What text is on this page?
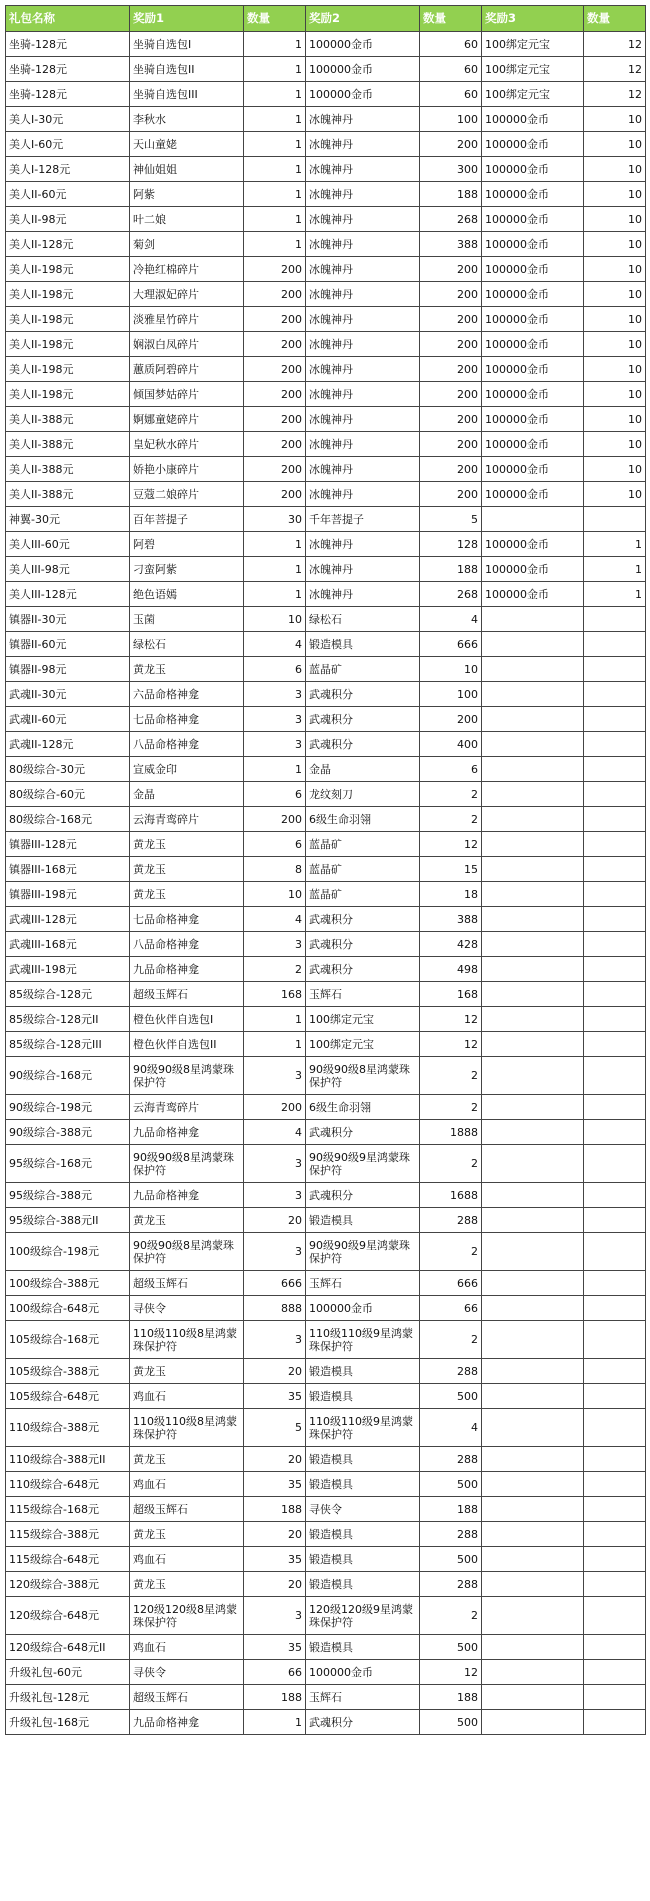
礼包名称	奖励1	数量	奖励2	数量	奖励3	数量
坐骑-128元	坐骑自选包I	1	100000金币	60	100绑定元宝	12
坐骑-128元	坐骑自选包II	1	100000金币	60	100绑定元宝	12
坐骑-128元	坐骑自选包III	1	100000金币	60	100绑定元宝	12
美人I-30元	李秋水	1	冰魄神丹	100	100000金币	10
美人I-60元	天山童姥	1	冰魄神丹	200	100000金币	10
美人I-128元	神仙姐姐	1	冰魄神丹	300	100000金币	10
美人II-60元	阿紫	1	冰魄神丹	188	100000金币	10
美人II-98元	叶二娘	1	冰魄神丹	268	100000金币	10
美人II-128元	菊剑	1	冰魄神丹	388	100000金币	10
美人II-198元	冷艳红棉碎片	200	冰魄神丹	200	100000金币	10
美人II-198元	大理淑妃碎片	200	冰魄神丹	200	100000金币	10
美人II-198元	淡雅星竹碎片	200	冰魄神丹	200	100000金币	10
美人II-198元	娴淑白凤碎片	200	冰魄神丹	200	100000金币	10
美人II-198元	蕙质阿碧碎片	200	冰魄神丹	200	100000金币	10
美人II-198元	倾国梦姑碎片	200	冰魄神丹	200	100000金币	10
美人II-388元	婀娜童姥碎片	200	冰魄神丹	200	100000金币	10
美人II-388元	皇妃秋水碎片	200	冰魄神丹	200	100000金币	10
美人II-388元	娇艳小康碎片	200	冰魄神丹	200	100000金币	10
美人II-388元	豆蔻二娘碎片	200	冰魄神丹	200	100000金币	10
神翼-30元	百年菩提子	30	千年菩提子	5		
美人III-60元	阿碧	1	冰魄神丹	128	100000金币	1
美人III-98元	刁蛮阿紫	1	冰魄神丹	188	100000金币	1
美人III-128元	绝色语嫣	1	冰魄神丹	268	100000金币	1
镇器II-30元	玉菌	10	绿松石	4		
镇器II-60元	绿松石	4	锻造模具	666		
镇器II-98元	黄龙玉	6	蓝晶矿	10		
武魂II-30元	六品命格神龛	3	武魂积分	100		
武魂II-60元	七品命格神龛	3	武魂积分	200		
武魂II-128元	八品命格神龛	3	武魂积分	400		
80级综合-30元	宣威金印	1	金晶	6		
80级综合-60元	金晶	6	龙纹刻刀	2		
80级综合-168元	云海青鸾碎片	200	6级生命羽翎	2		
镇器III-128元	黄龙玉	6	蓝晶矿	12		
镇器III-168元	黄龙玉	8	蓝晶矿	15		
镇器III-198元	黄龙玉	10	蓝晶矿	18		
武魂III-128元	七品命格神龛	4	武魂积分	388		
武魂III-168元	八品命格神龛	3	武魂积分	428		
武魂III-198元	九品命格神龛	2	武魂积分	498		
85级综合-128元	超级玉辉石	168	玉辉石	168		
85级综合-128元II	橙色伙伴自选包I	1	100绑定元宝	12		
85级综合-128元III	橙色伙伴自选包II	1	100绑定元宝	12		
90级综合-168元	90级90级8星鸿蒙珠保护符	3	90级90级8星鸿蒙珠保护符	2		
90级综合-198元	云海青鸾碎片	200	6级生命羽翎	2		
90级综合-388元	九品命格神龛	4	武魂积分	1888		
95级综合-168元	90级90级8星鸿蒙珠保护符	3	90级90级9星鸿蒙珠保护符	2		
95级综合-388元	九品命格神龛	3	武魂积分	1688		
95级综合-388元II	黄龙玉	20	锻造模具	288		
100级综合-198元	90级90级8星鸿蒙珠保护符	3	90级90级9星鸿蒙珠保护符	2		
100级综合-388元	超级玉辉石	666	玉辉石	666		
100级综合-648元	寻侠令	888	100000金币	66		
105级综合-168元	110级110级8星鸿蒙珠保护符	3	110级110级9星鸿蒙珠保护符	2		
105级综合-388元	黄龙玉	20	锻造模具	288		
105级综合-648元	鸡血石	35	锻造模具	500		
110级综合-388元	110级110级8星鸿蒙珠保护符	5	110级110级9星鸿蒙珠保护符	4		
110级综合-388元II	黄龙玉	20	锻造模具	288		
110级综合-648元	鸡血石	35	锻造模具	500		
115级综合-168元	超级玉辉石	188	寻侠令	188		
115级综合-388元	黄龙玉	20	锻造模具	288		
115级综合-648元	鸡血石	35	锻造模具	500		
120级综合-388元	黄龙玉	20	锻造模具	288		
120级综合-648元	120级120级8星鸿蒙珠保护符	3	120级120级9星鸿蒙珠保护符	2		
120级综合-648元II	鸡血石	35	锻造模具	500		
升级礼包-60元	寻侠令	66	100000金币	12		
升级礼包-128元	超级玉辉石	188	玉辉石	188		
升级礼包-168元	九品命格神龛	1	武魂积分	500		
